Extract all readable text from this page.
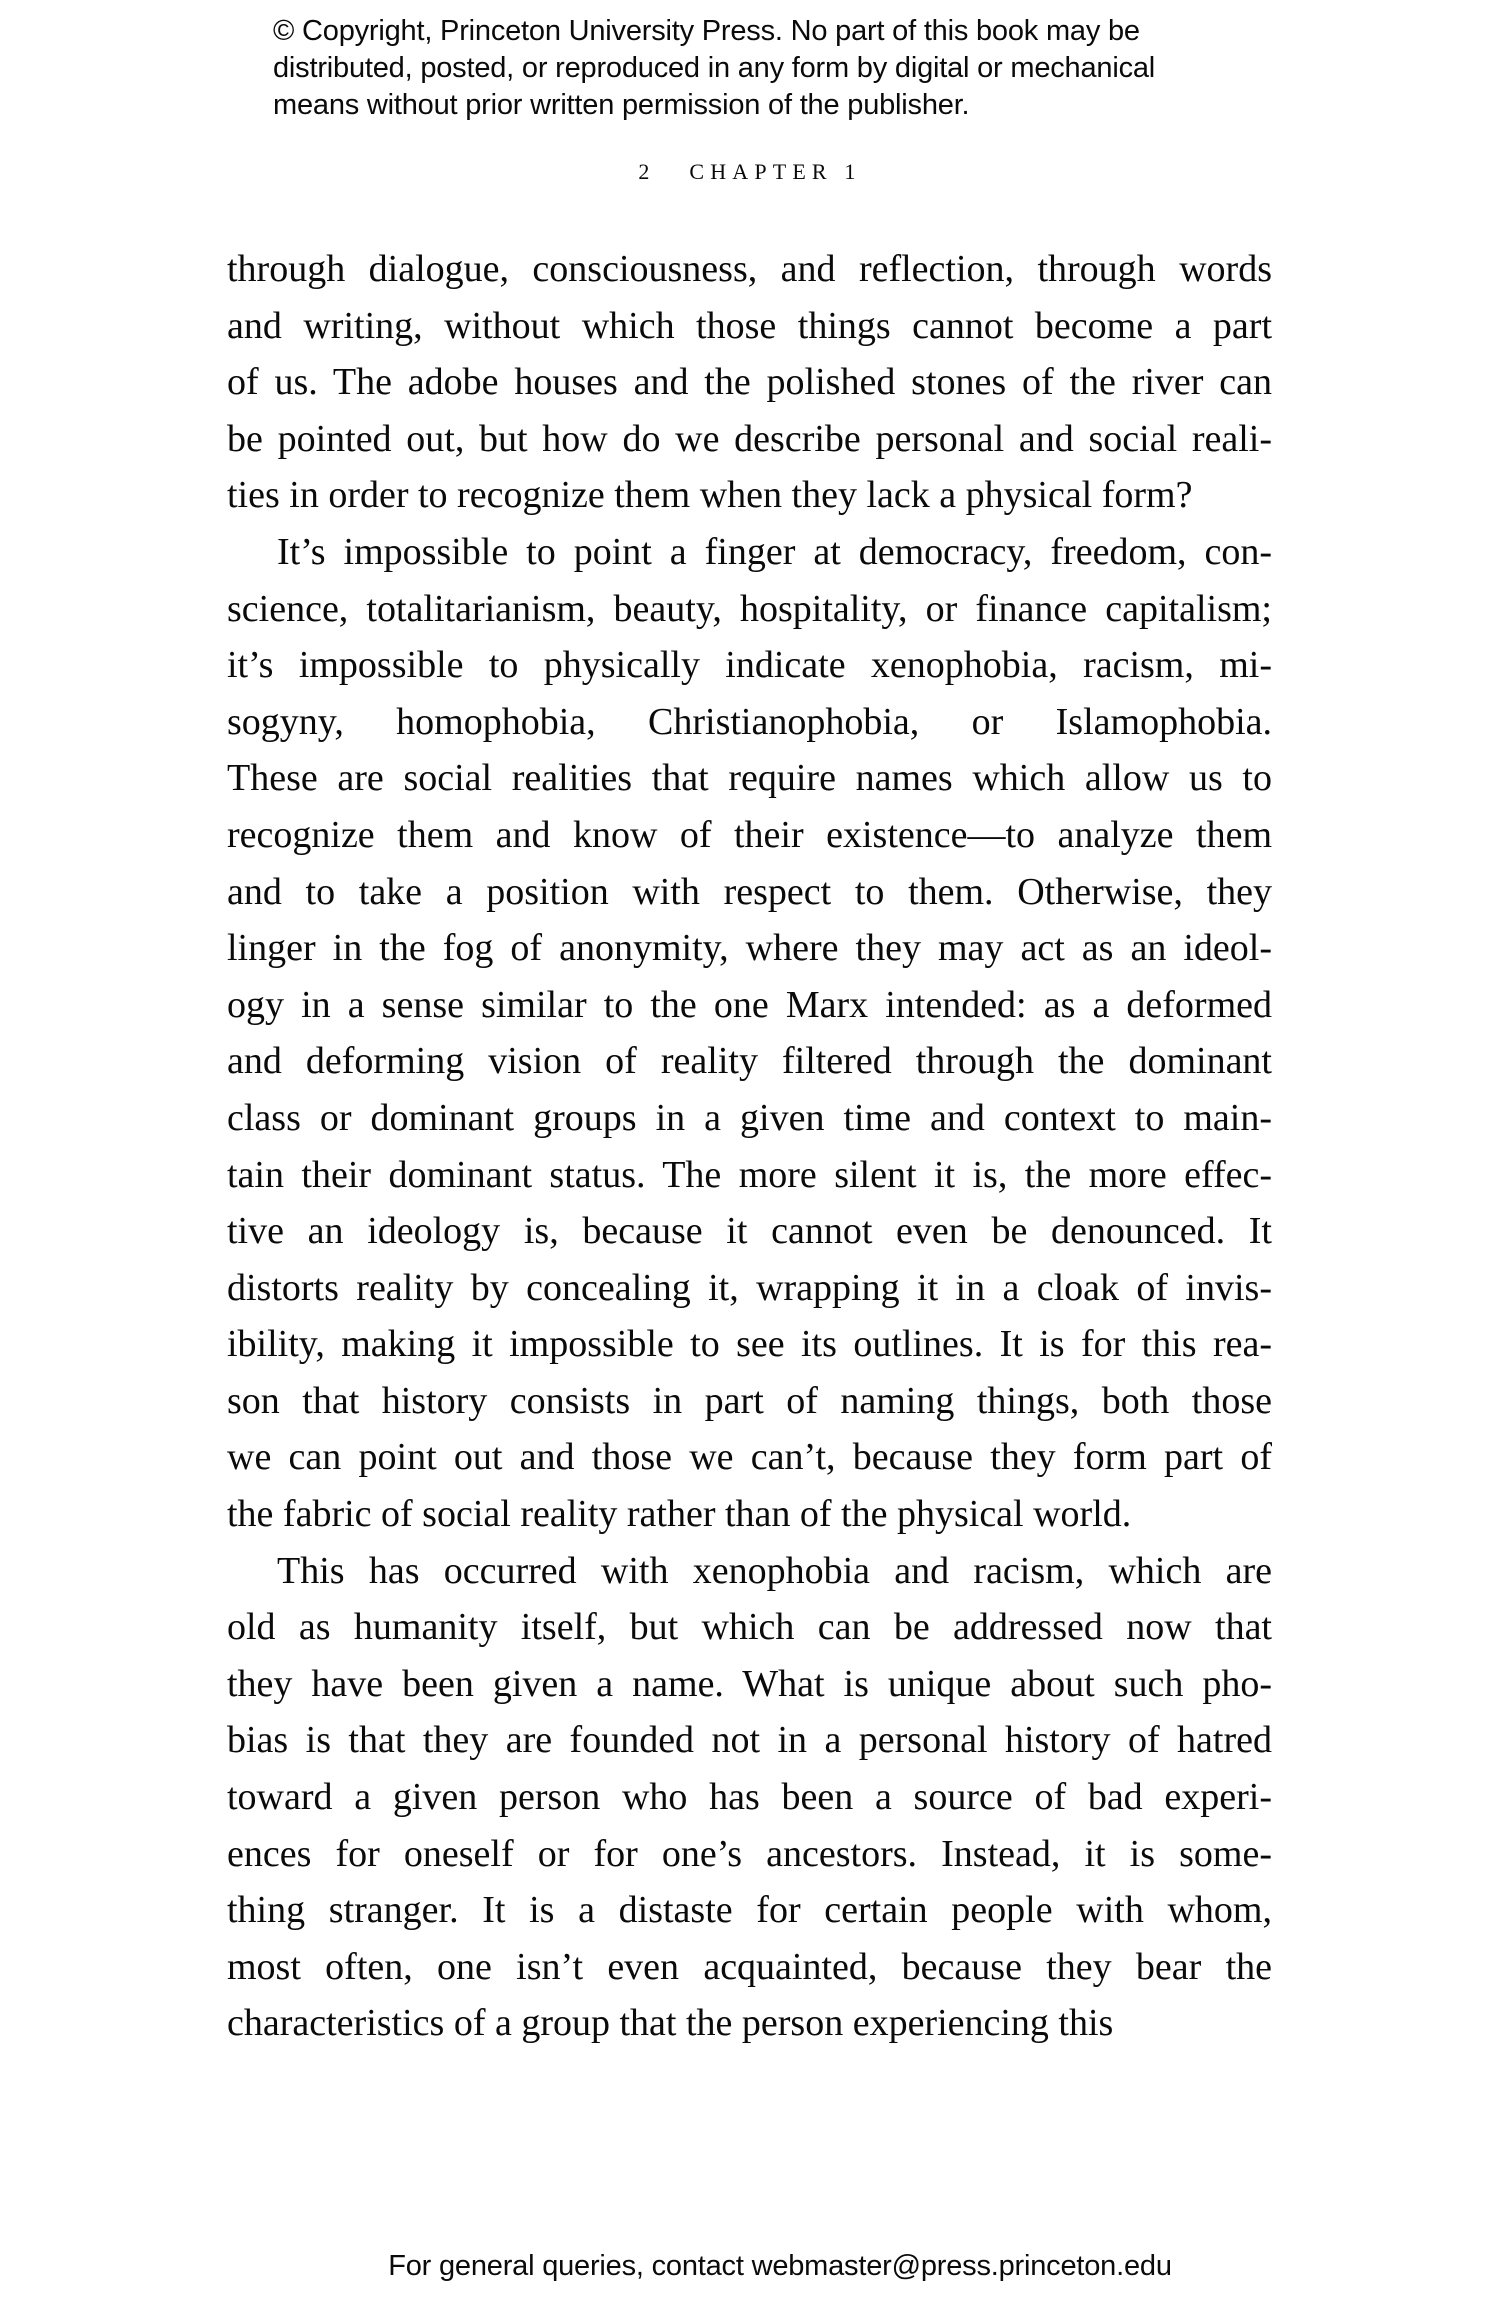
© Copyright, Princeton University Press. No part of this book may be
distributed, posted, or reproduced in any form by digital or mechanical
means without prior written permission of the publisher.
2 CHAPTER 1
through dialogue, consciousness, and reflection, through words
and writing, without which those things cannot become a part
of us. The adobe houses and the polished stones of the river can
be pointed out, but how do we describe personal and social reali-
ties in order to recognize them when they lack a physical form?
It’s impossible to point a finger at democracy, freedom, con-
science, totalitarianism, beauty, hospitality, or finance capitalism;
it’s impossible to physically indicate xenophobia, racism, mi-
sogyny, homophobia, Christianophobia, or Islamophobia.
These are social realities that require names which allow us to
recognize them and know of their existence—to analyze them
and to take a position with respect to them. Otherwise, they
linger in the fog of anonymity, where they may act as an ideol-
ogy in a sense similar to the one Marx intended: as a deformed
and deforming vision of reality filtered through the dominant
class or dominant groups in a given time and context to main-
tain their dominant status. The more silent it is, the more effec-
tive an ideology is, because it cannot even be denounced. It
distorts reality by concealing it, wrapping it in a cloak of invis-
ibility, making it impossible to see its outlines. It is for this rea-
son that history consists in part of naming things, both those
we can point out and those we can’t, because they form part of
the fabric of social reality rather than of the physical world.
This has occurred with xenophobia and racism, which are
old as humanity itself, but which can be addressed now that
they have been given a name. What is unique about such pho-
bias is that they are founded not in a personal history of hatred
toward a given person who has been a source of bad experi-
ences for oneself or for one’s ancestors. Instead, it is some-
thing stranger. It is a distaste for certain people with whom,
most often, one isn’t even acquainted, because they bear the
characteristics of a group that the person experiencing this
For general queries, contact webmaster@press.princeton.edu
